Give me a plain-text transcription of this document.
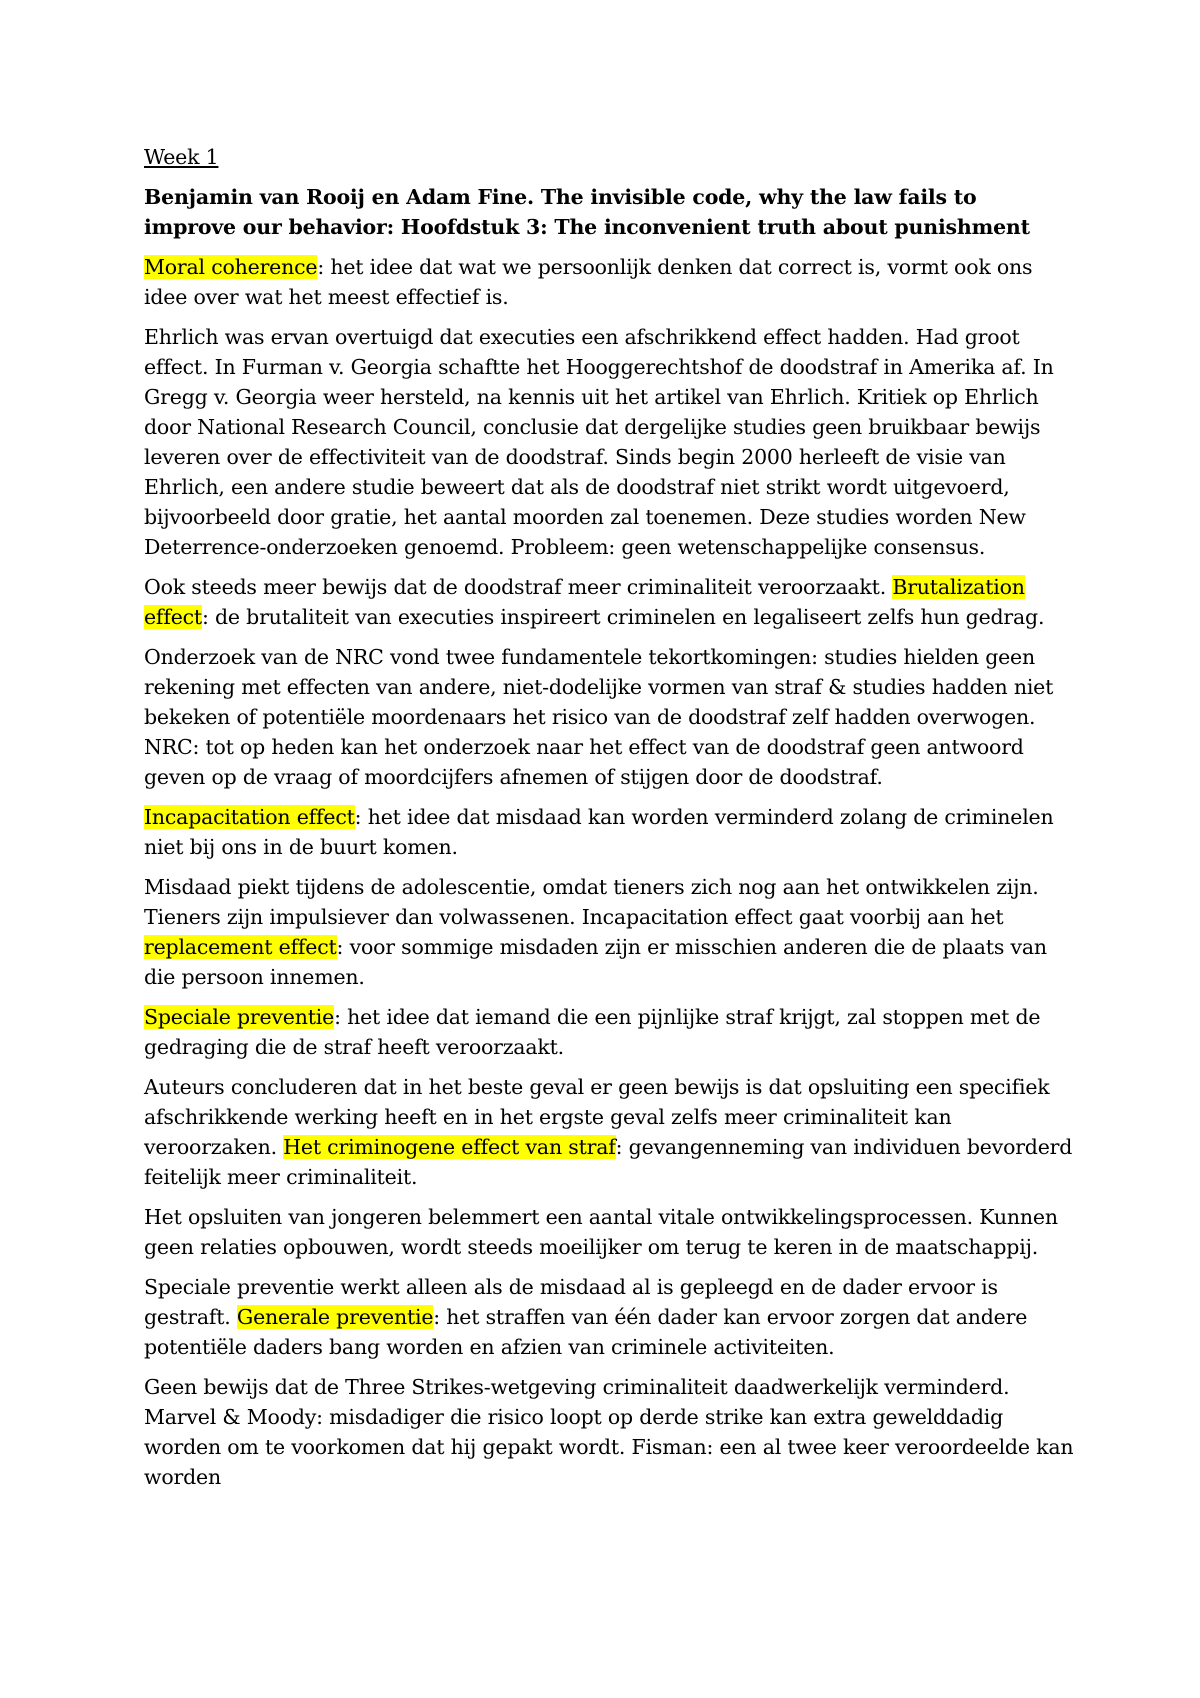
Week 1
Benjamin van Rooij en Adam Fine. The invisible code, why the law fails to improve our behavior: Hoofdstuk 3: The inconvenient truth about punishment

Moral coherence: het idee dat wat we persoonlijk denken dat correct is, vormt ook ons idee over wat het meest effectief is.

Ehrlich was ervan overtuigd dat executies een afschrikkend effect hadden. Had groot effect. In Furman v. Georgia schaftte het Hooggerechtshof de doodstraf in Amerika af. In Gregg v. Georgia weer hersteld, na kennis uit het artikel van Ehrlich. Kritiek op Ehrlich door National Research Council, conclusie dat dergelijke studies geen bruikbaar bewijs leveren over de effectiviteit van de doodstraf. Sinds begin 2000 herleeft de visie van Ehrlich, een andere studie beweert dat als de doodstraf niet strikt wordt uitgevoerd, bijvoorbeeld door gratie, het aantal moorden zal toenemen. Deze studies worden New Deterrence-onderzoeken genoemd. Probleem: geen wetenschappelijke consensus.

Ook steeds meer bewijs dat de doodstraf meer criminaliteit veroorzaakt. Brutalization effect: de brutaliteit van executies inspireert criminelen en legaliseert zelfs hun gedrag.

Onderzoek van de NRC vond twee fundamentele tekortkomingen: studies hielden geen rekening met effecten van andere, niet-dodelijke vormen van straf & studies hadden niet bekeken of potentiële moordenaars het risico van de doodstraf zelf hadden overwogen. NRC: tot op heden kan het onderzoek naar het effect van de doodstraf geen antwoord geven op de vraag of moordcijfers afnemen of stijgen door de doodstraf.

Incapacitation effect: het idee dat misdaad kan worden verminderd zolang de criminelen niet bij ons in de buurt komen.

Misdaad piekt tijdens de adolescentie, omdat tieners zich nog aan het ontwikkelen zijn. Tieners zijn impulsiever dan volwassenen. Incapacitation effect gaat voorbij aan het replacement effect: voor sommige misdaden zijn er misschien anderen die de plaats van die persoon innemen.

Speciale preventie: het idee dat iemand die een pijnlijke straf krijgt, zal stoppen met de gedraging die de straf heeft veroorzaakt.

Auteurs concluderen dat in het beste geval er geen bewijs is dat opsluiting een specifiek afschrikkende werking heeft en in het ergste geval zelfs meer criminaliteit kan veroorzaken. Het criminogene effect van straf: gevangenneming van individuen bevorderd feitelijk meer criminaliteit.

Het opsluiten van jongeren belemmert een aantal vitale ontwikkelingsprocessen. Kunnen geen relaties opbouwen, wordt steeds moeilijker om terug te keren in de maatschappij.

Speciale preventie werkt alleen als de misdaad al is gepleegd en de dader ervoor is gestraft. Generale preventie: het straffen van één dader kan ervoor zorgen dat andere potentiële daders bang worden en afzien van criminele activiteiten.

Geen bewijs dat de Three Strikes-wetgeving criminaliteit daadwerkelijk verminderd. Marvel & Moody: misdadiger die risico loopt op derde strike kan extra gewelddadig worden om te voorkomen dat hij gepakt wordt. Fisman: een al twee keer veroordeelde kan worden
